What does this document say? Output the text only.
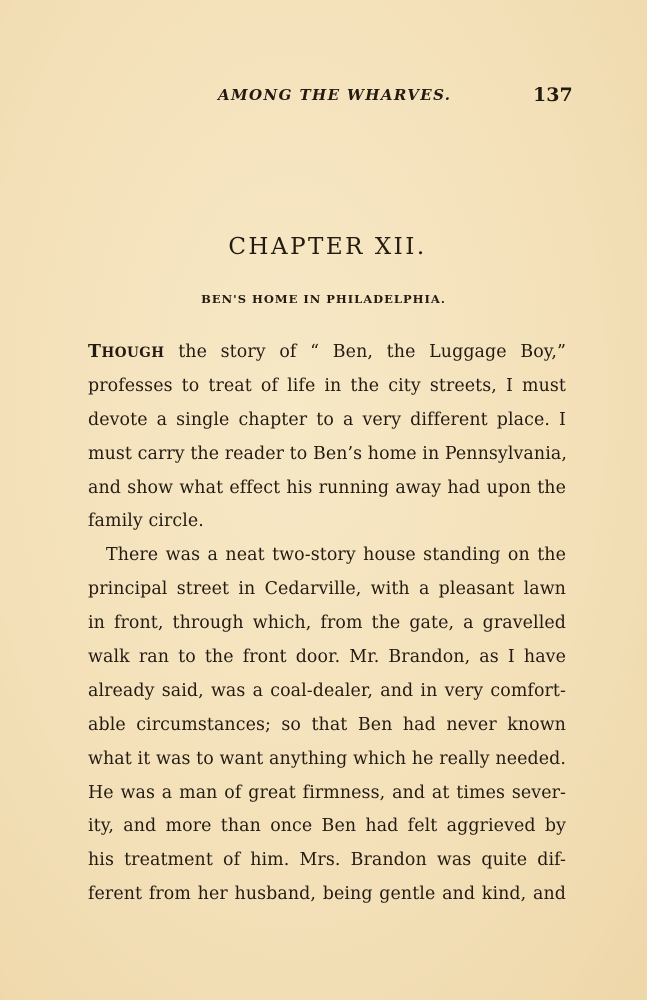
AMONG THE WHARVES.	137
CHAPTER XII.
BEN'S HOME IN PHILADELPHIA.
THOUGH the story of “ Ben, the Luggage Boy,”
professes to treat of life in the city streets, I must
devote a single chapter to a very different place. I
must carry the reader to Ben’s home in Pennsylvania,
and show what effect his running away had upon the
family circle.
There was a neat two-story house standing on the
principal street in Cedarville, with a pleasant lawn
in front, through which, from the gate, a gravelled
walk ran to the front door. Mr. Brandon, as I have
already said, was a coal-dealer, and in very comfort-
able circumstances; so that Ben had never known
what it was to want anything which he really needed.
He was a man of great firmness, and at times sever-
ity, and more than once Ben had felt aggrieved by
his treatment of him. Mrs. Brandon was quite dif-
ferent from her husband, being gentle and kind, and
